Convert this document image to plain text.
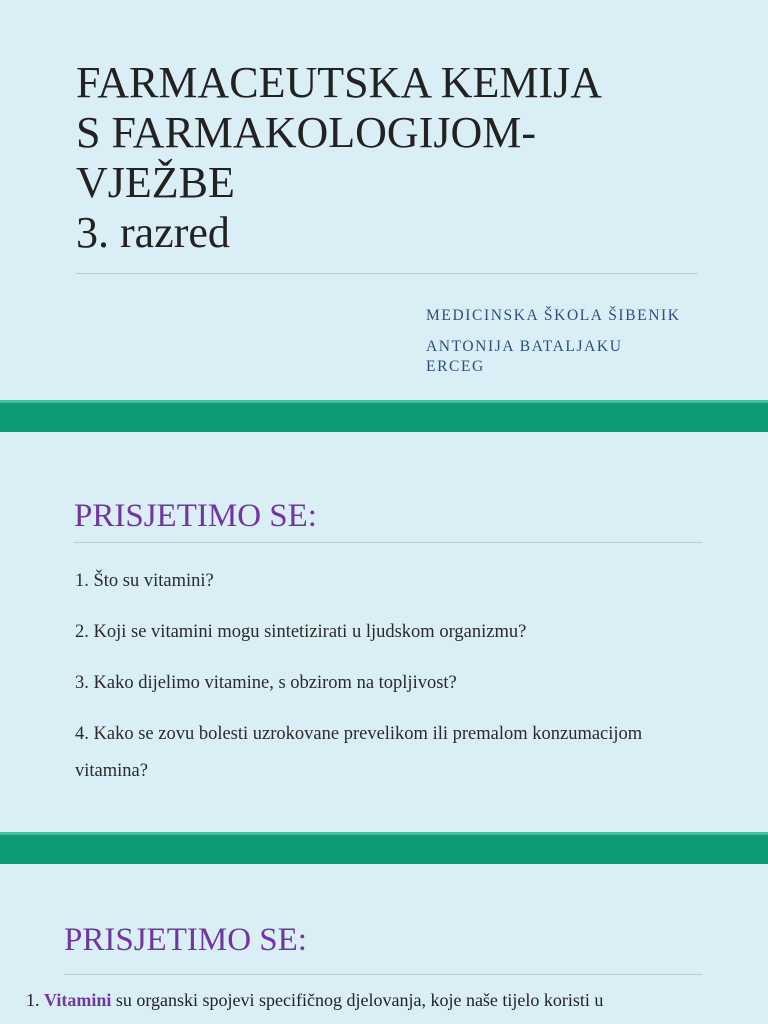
FARMACEUTSKA KEMIJA
S FARMAKOLOGIJOM-
VJEŽBE
3. razred
MEDICINSKA ŠKOLA ŠIBENIK
ANTONIJA BATALJAKU
ERCEG
PRISJETIMO SE:
1. Što su vitamini?
2. Koji se vitamini mogu sintetizirati u ljudskom organizmu?
3. Kako dijelimo vitamine, s obzirom na topljivost?
4. Kako se zovu bolesti uzrokovane prevelikom ili premalom konzumacijom vitamina?
PRISJETIMO SE:
1. Vitamini su organski spojevi specifičnog djelovanja, koje naše tijelo koristi u
